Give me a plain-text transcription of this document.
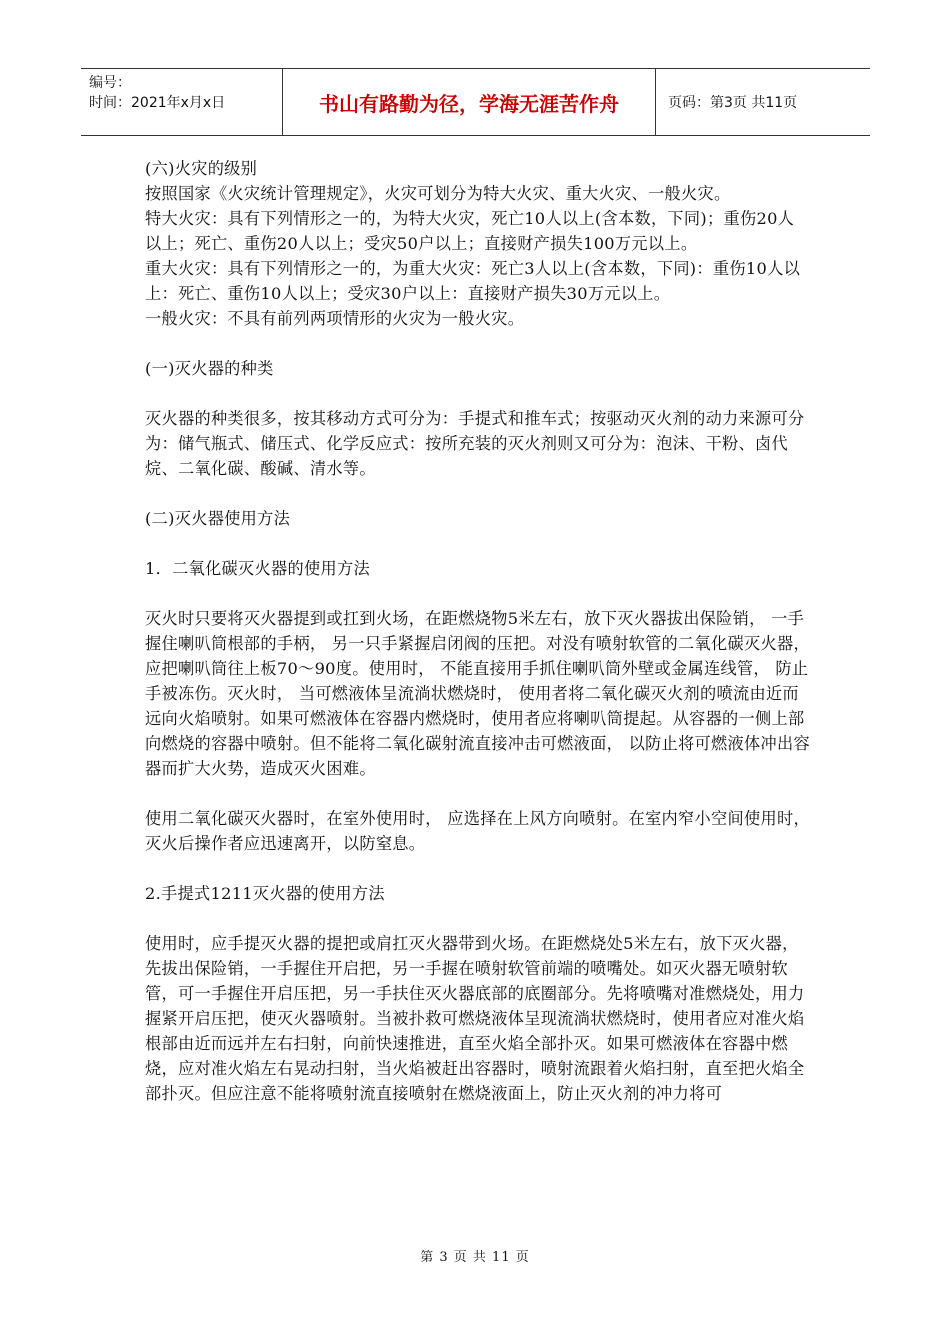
编号：
时间：2021年x月x日	书山有路勤为径，学海无涯苦作舟	页码：第3页 共11页

(六)火灾的级别

按照国家《火灾统计管理规定》，火灾可划分为特大火灾、重大火灾、一般火灾。

特大火灾：具有下列情形之一的，为特大火灾，死亡10人以上(含本数，下同)；重伤20人以上；死亡、重伤20人以上；受灾50户以上；直接财产损失100万元以上。

重大火灾：具有下列情形之一的，为重大火灾：死亡3人以上(含本数，下同)：重伤10人以上：死亡、重伤10人以上；受灾30户以上：直接财产损失30万元以上。

一般火灾：不具有前列两项情形的火灾为一般火灾。

(一)灭火器的种类

灭火器的种类很多，按其移动方式可分为：手提式和推车式；按驱动灭火剂的动力来源可分为：储气瓶式、储压式、化学反应式：按所充装的灭火剂则又可分为：泡沫、干粉、卤代烷、二氧化碳、酸碱、清水等。

(二)灭火器使用方法

1．二氧化碳灭火器的使用方法

灭火时只要将灭火器提到或扛到火场，在距燃烧物5米左右，放下灭火器拔出保险销， 一手握住喇叭筒根部的手柄， 另一只手紧握启闭阀的压把。对没有喷射软管的二氧化碳灭火器， 应把喇叭筒往上板70～90度。使用时， 不能直接用手抓住喇叭筒外壁或金属连线管， 防止手被冻伤。灭火时， 当可燃液体呈流淌状燃烧时， 使用者将二氧化碳灭火剂的喷流由近而远向火焰喷射。如果可燃液体在容器内燃烧时，使用者应将喇叭筒提起。从容器的一侧上部向燃烧的容器中喷射。但不能将二氧化碳射流直接冲击可燃液面， 以防止将可燃液体冲出容器而扩大火势，造成灭火困难。

使用二氧化碳灭火器时，在室外使用时， 应选择在上风方向喷射。在室内窄小空间使用时， 灭火后操作者应迅速离开，以防窒息。

2.手提式1211灭火器的使用方法

使用时，应手提灭火器的提把或肩扛灭火器带到火场。在距燃烧处5米左右，放下灭火器，先拔出保险销，一手握住开启把，另一手握在喷射软管前端的喷嘴处。如灭火器无喷射软管，可一手握住开启压把，另一手扶住灭火器底部的底圈部分。先将喷嘴对准燃烧处，用力握紧开启压把，使灭火器喷射。当被扑救可燃烧液体呈现流淌状燃烧时，使用者应对准火焰根部由近而远并左右扫射，向前快速推进，直至火焰全部扑灭。如果可燃液体在容器中燃烧，应对准火焰左右晃动扫射，当火焰被赶出容器时，喷射流跟着火焰扫射，直至把火焰全部扑灭。但应注意不能将喷射流直接喷射在燃烧液面上，防止灭火剂的冲力将可

第 3 页 共 11 页
